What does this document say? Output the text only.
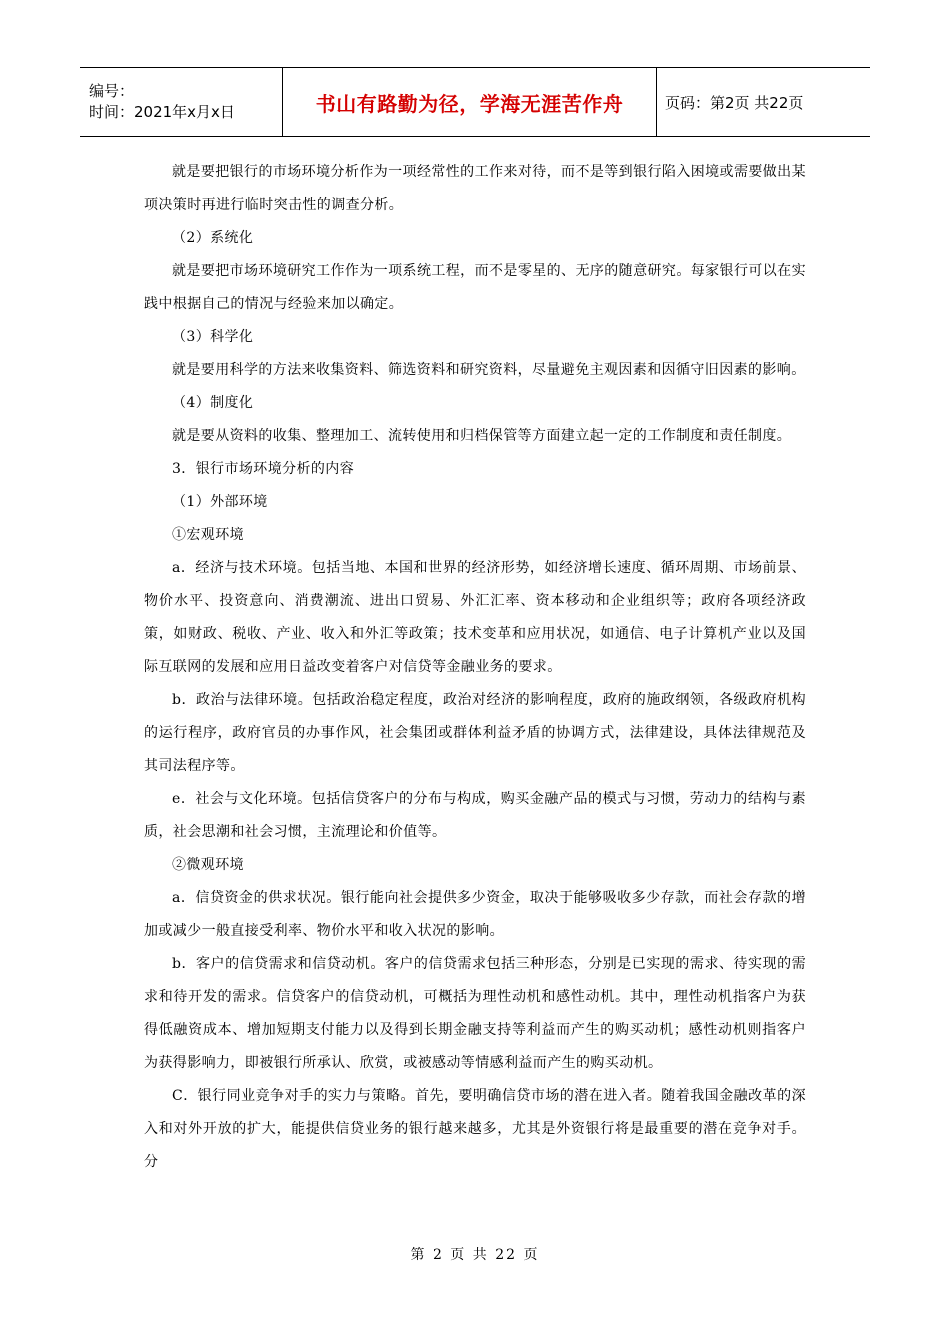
编号：
时间：2021年x月x日	书山有路勤为径，学海无涯苦作舟	页码：第2页 共22页

就是要把银行的市场环境分析作为一项经常性的工作来对待，而不是等到银行陷入困境或需要做出某项决策时再进行临时突击性的调查分析。

（2）系统化

就是要把市场环境研究工作作为一项系统工程，而不是零星的、无序的随意研究。每家银行可以在实践中根据自己的情况与经验来加以确定。

（3）科学化

就是要用科学的方法来收集资料、筛选资料和研究资料，尽量避免主观因素和因循守旧因素的影响。

（4）制度化

就是要从资料的收集、整理加工、流转使用和归档保管等方面建立起一定的工作制度和责任制度。

3．银行市场环境分析的内容

（1）外部环境

①宏观环境

a．经济与技术环境。包括当地、本国和世界的经济形势，如经济增长速度、循环周期、市场前景、物价水平、投资意向、消费潮流、进出口贸易、外汇汇率、资本移动和企业组织等；政府各项经济政策，如财政、税收、产业、收入和外汇等政策；技术变革和应用状况，如通信、电子计算机产业以及国际互联网的发展和应用日益改变着客户对信贷等金融业务的要求。

b．政治与法律环境。包括政治稳定程度，政治对经济的影响程度，政府的施政纲领，各级政府机构的运行程序，政府官员的办事作风，社会集团或群体利益矛盾的协调方式，法律建设，具体法律规范及其司法程序等。

e．社会与文化环境。包括信贷客户的分布与构成，购买金融产品的模式与习惯，劳动力的结构与素质，社会思潮和社会习惯，主流理论和价值等。

②微观环境

a．信贷资金的供求状况。银行能向社会提供多少资金，取决于能够吸收多少存款，而社会存款的增加或减少一般直接受利率、物价水平和收入状况的影响。

b．客户的信贷需求和信贷动机。客户的信贷需求包括三种形态，分别是已实现的需求、待实现的需求和待开发的需求。信贷客户的信贷动机，可概括为理性动机和感性动机。其中，理性动机指客户为获得低融资成本、增加短期支付能力以及得到长期金融支持等利益而产生的购买动机；感性动机则指客户为获得影响力，即被银行所承认、欣赏，或被感动等情感利益而产生的购买动机。

C．银行同业竞争对手的实力与策略。首先，要明确信贷市场的潜在进入者。随着我国金融改革的深入和对外开放的扩大，能提供信贷业务的银行越来越多，尤其是外资银行将是最重要的潜在竞争对手。分

第 2 页 共 22 页
